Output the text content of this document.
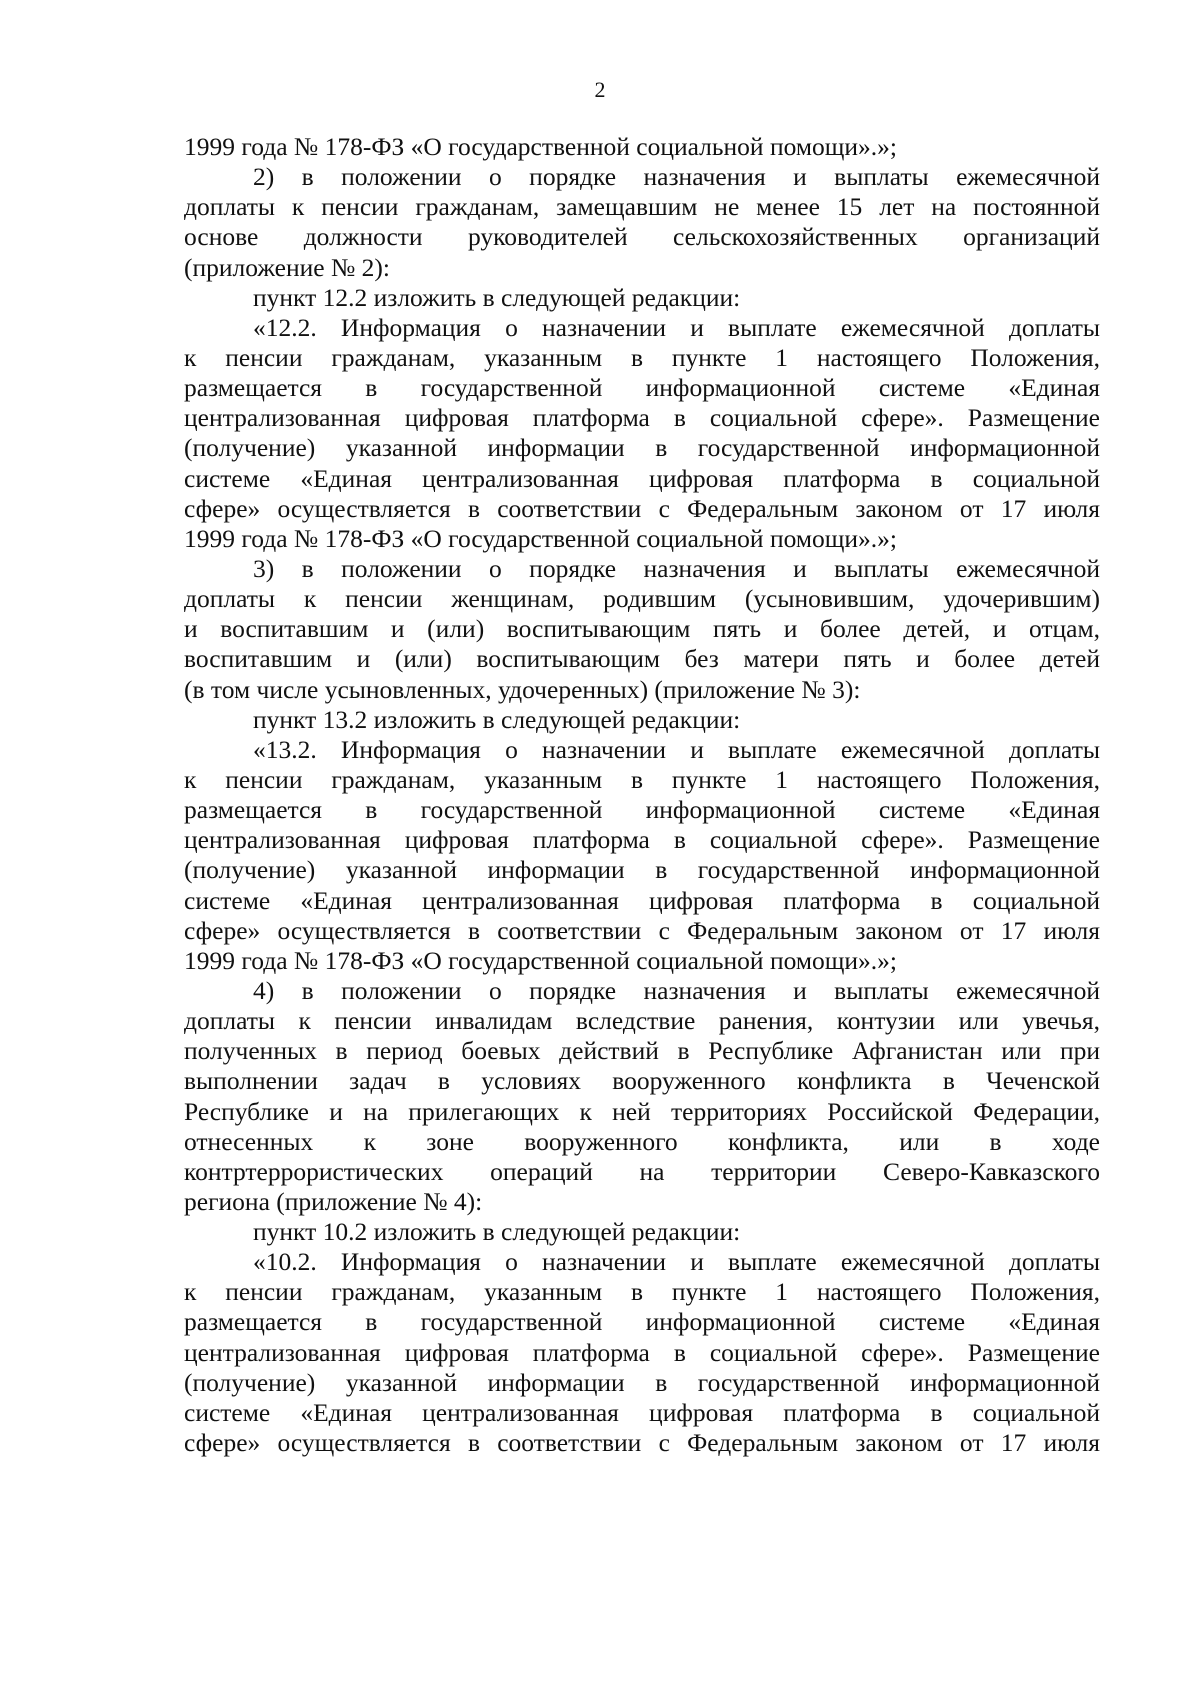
2
1999 года № 178-ФЗ «О государственной социальной помощи».»;
2) в положении о порядке назначения и выплаты ежемесячной
доплаты к пенсии гражданам, замещавшим не менее 15 лет на постоянной
основе должности руководителей сельскохозяйственных организаций
(приложение № 2):
пункт 12.2 изложить в следующей редакции:
«12.2. Информация о назначении и выплате ежемесячной доплаты
к пенсии гражданам, указанным в пункте 1 настоящего Положения,
размещается в государственной информационной системе «Единая
централизованная цифровая платформа в социальной сфере». Размещение
(получение) указанной информации в государственной информационной
системе «Единая централизованная цифровая платформа в социальной
сфере» осуществляется в соответствии с Федеральным законом от 17 июля
1999 года № 178-ФЗ «О государственной социальной помощи».»;
3) в положении о порядке назначения и выплаты ежемесячной
доплаты к пенсии женщинам, родившим (усыновившим, удочерившим)
и воспитавшим и (или) воспитывающим пять и более детей, и отцам,
воспитавшим и (или) воспитывающим без матери пять и более детей
(в том числе усыновленных, удочеренных) (приложение № 3):
пункт 13.2 изложить в следующей редакции:
«13.2. Информация о назначении и выплате ежемесячной доплаты
к пенсии гражданам, указанным в пункте 1 настоящего Положения,
размещается в государственной информационной системе «Единая
централизованная цифровая платформа в социальной сфере». Размещение
(получение) указанной информации в государственной информационной
системе «Единая централизованная цифровая платформа в социальной
сфере» осуществляется в соответствии с Федеральным законом от 17 июля
1999 года № 178-ФЗ «О государственной социальной помощи».»;
4) в положении о порядке назначения и выплаты ежемесячной
доплаты к пенсии инвалидам вследствие ранения, контузии или увечья,
полученных в период боевых действий в Республике Афганистан или при
выполнении задач в условиях вооруженного конфликта в Чеченской
Республике и на прилегающих к ней территориях Российской Федерации,
отнесенных к зоне вооруженного конфликта, или в ходе
контртеррористических операций на территории Северо-Кавказского
региона (приложение № 4):
пункт 10.2 изложить в следующей редакции:
«10.2. Информация о назначении и выплате ежемесячной доплаты
к пенсии гражданам, указанным в пункте 1 настоящего Положения,
размещается в государственной информационной системе «Единая
централизованная цифровая платформа в социальной сфере». Размещение
(получение) указанной информации в государственной информационной
системе «Единая централизованная цифровая платформа в социальной
сфере» осуществляется в соответствии с Федеральным законом от 17 июля
